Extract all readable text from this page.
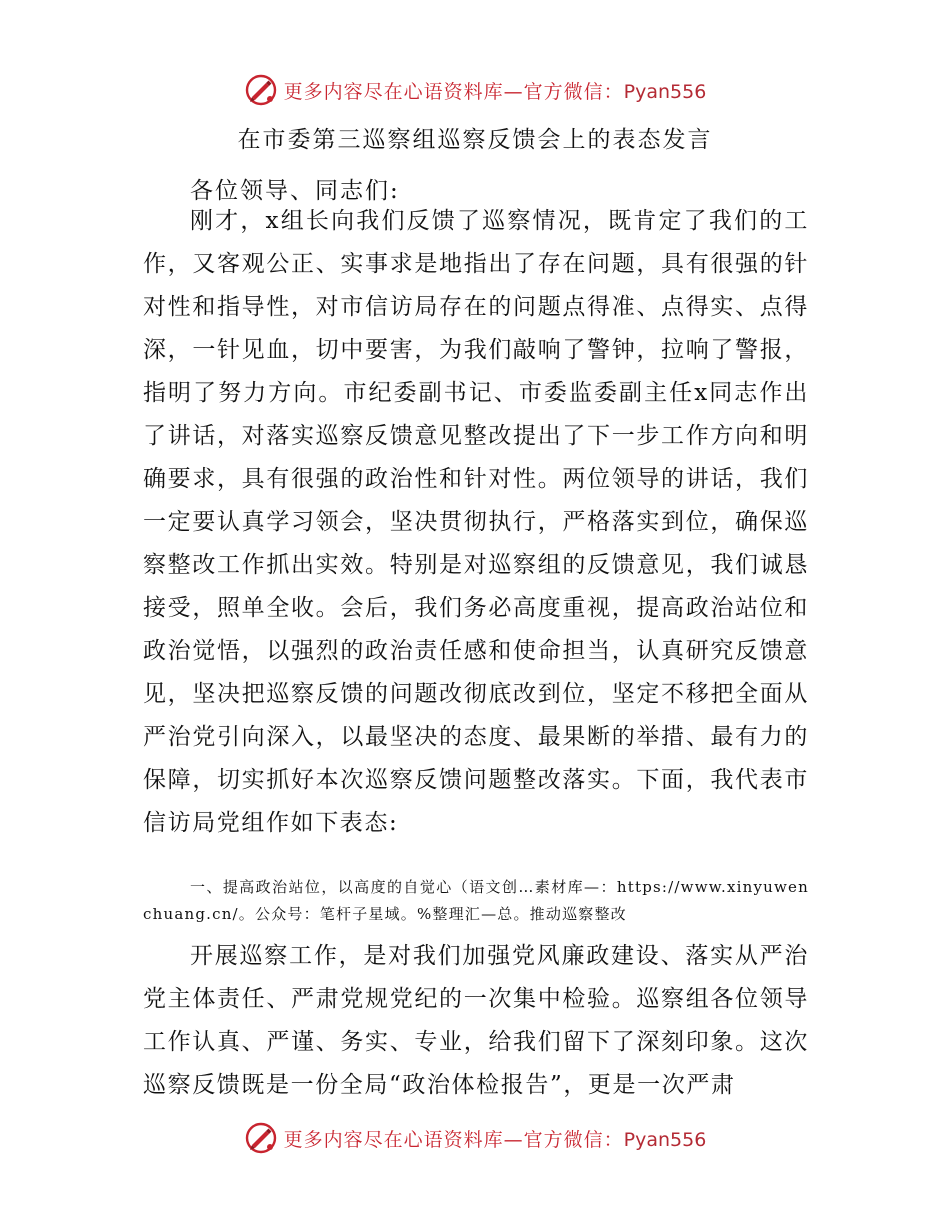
更多内容尽在心语资料库—官方微信：Pyan556
在市委第三巡察组巡察反馈会上的表态发言

各位领导、同志们:

刚才，x组长向我们反馈了巡察情况，既肯定了我们的工作，又客观公正、实事求是地指出了存在问题，具有很强的针对性和指导性，对市信访局存在的问题点得准、点得实、点得深，一针见血，切中要害，为我们敲响了警钟，拉响了警报，指明了努力方向。市纪委副书记、市委监委副主任x同志作出了讲话，对落实巡察反馈意见整改提出了下一步工作方向和明确要求，具有很强的政治性和针对性。两位领导的讲话，我们一定要认真学习领会，坚决贯彻执行，严格落实到位，确保巡察整改工作抓出实效。特别是对巡察组的反馈意见，我们诚恳接受，照单全收。会后，我们务必高度重视，提高政治站位和政治觉悟，以强烈的政治责任感和使命担当，认真研究反馈意见，坚决把巡察反馈的问题改彻底改到位，坚定不移把全面从严治党引向深入，以最坚决的态度、最果断的举措、最有力的保障，切实抓好本次巡察反馈问题整改落实。下面，我代表市信访局党组作如下表态:

一、提高政治站位，以高度的自觉心（语文创…素材库—：https://www.xinyuwenchuang.cn/。公众号：笔杆子星域。%整理汇—总。推动巡察整改

开展巡察工作，是对我们加强党风廉政建设、落实从严治党主体责任、严肃党规党纪的一次集中检验。巡察组各位领导工作认真、严谨、务实、专业，给我们留下了深刻印象。这次巡察反馈既是一份全局“政治体检报告”，更是一次严肃

更多内容尽在心语资料库—官方微信：Pyan556
